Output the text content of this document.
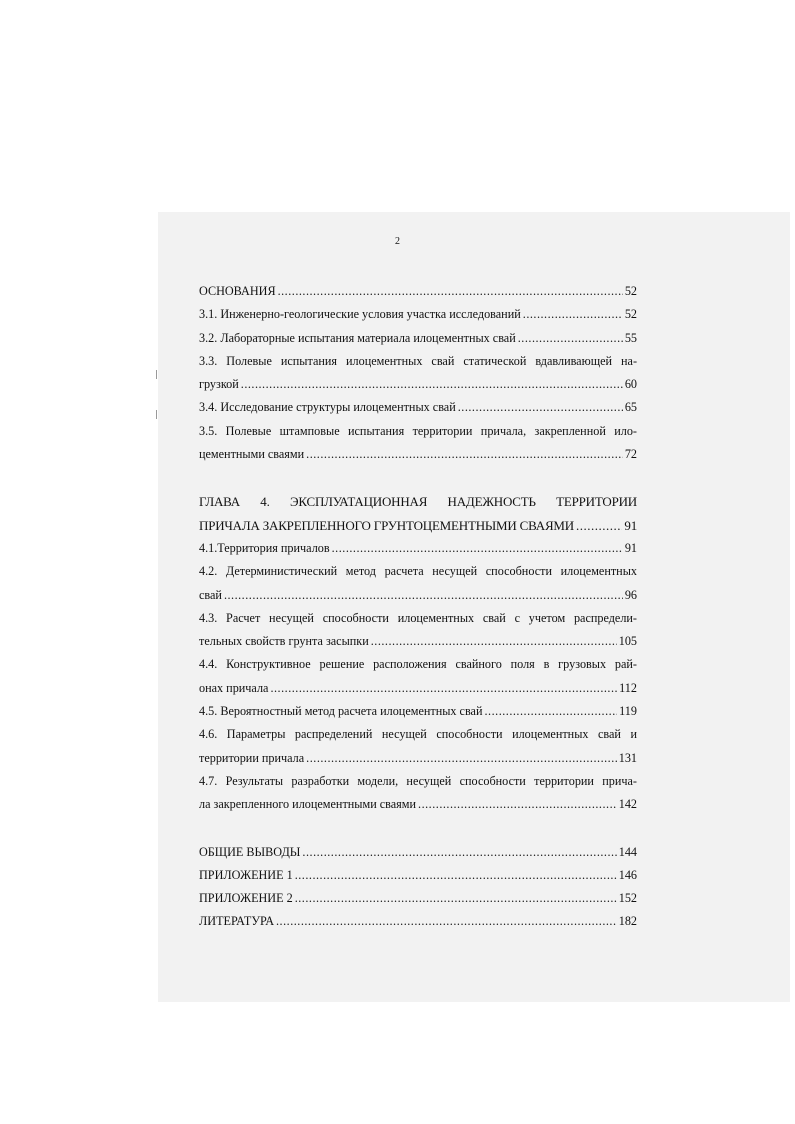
2
ОСНОВАНИЯ .....	52
3.1. Инженерно-геологические условия участка исследований .....	52
3.2. Лабораторные испытания материала илоцементных свай .....	55
3.3. Полевые испытания илоцементных свай статической вдавливающей на-
грузкой .....	60
3.4. Исследование структуры илоцементных свай .....	65
3.5. Полевые штамповые испытания территории причала, закрепленной ило-
цементными сваями .....	72
ГЛАВА 4. ЭКСПЛУАТАЦИОННАЯ НАДЕЖНОСТЬ ТЕРРИТОРИИ
ПРИЧАЛА ЗАКРЕПЛЕННОГО ГРУНТОЦЕМЕНТНЫМИ СВАЯМИ .....	91
4.1.Территория причалов .....	91
4.2. Детерминистический метод расчета несущей способности илоцементных
свай .....	96
4.3. Расчет несущей способности илоцементных свай с учетом распредели-
тельных свойств грунта засыпки .....	105
4.4. Конструктивное решение расположения свайного поля в грузовых рай-
онах причала .....	112
4.5. Вероятностный метод расчета илоцементных свай .....	119
4.6. Параметры распределений несущей способности илоцементных свай и
территории причала .....	131
4.7. Результаты разработки модели, несущей способности территории прича-
ла закрепленного илоцементными сваями .....	142
ОБЩИЕ ВЫВОДЫ .....	144
ПРИЛОЖЕНИЕ 1 .....	146
ПРИЛОЖЕНИЕ 2 .....	152
ЛИТЕРАТУРА .....	182
